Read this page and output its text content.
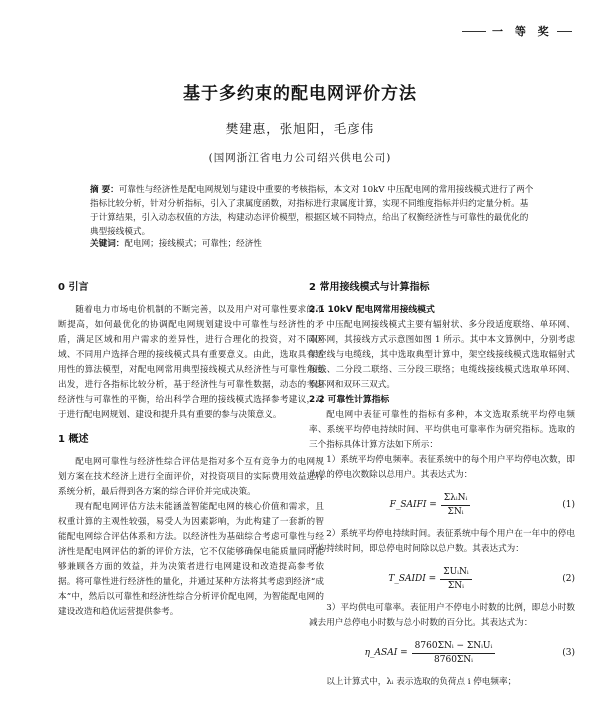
一 等 奖
基于多约束的配电网评价方法
樊建惠，张旭阳，毛彦伟
(国网浙江省电力公司绍兴供电公司)
摘 要：可靠性与经济性是配电网规划与建设中重要的考核指标，本文对 10kV 中压配电网的常用接线模式进行了两个指标比较分析，针对分析指标，引入了隶属度函数，对指标进行隶属度计算，实现不同维度指标并归约定量分析。基于计算结果，引入动态权值的方法，构建动态评价模型，根据区域不同特点，给出了权衡经济性与可靠性的最优化的典型接线模式。
关键词：配电网；接线模式；可靠性；经济性
0 引言

随着电力市场电价机制的不断完善，以及用户对可靠性要求的不断提高，如何最优化的协调配电网规划建设中可靠性与经济性的矛盾，满足区域和用户需求的差异性，进行合理化的投资，对不同区域、不同用户选择合理的接线模式具有重要意义。由此，选取具有适用性的算法模型，对配电网常用典型接线模式从经济性与可靠性角度出发，进行各指标比较分析，基于经济性与可靠性数据，动态的考虑经济性与可靠性的平衡，给出科学合理的接线模式选择参考建议，对于进行配电网规划、建设和提升具有重要的参与决策意义。

1 概述

配电网可靠性与经济性综合评估是指对多个互有竞争力的电网规划方案在技术经济上进行全面评价，对投资项目的实际费用效益进行系统分析，最后得到各方案的综合评价并完成决策。

现有配电网评估方法未能涵盖智能配电网的核心价值和需求，且权重计算的主观性较强，易受人为因素影响，为此构建了一套新的智能配电网综合评估体系和方法。以经济性为基础综合考虑可靠性与经济性是配电网评估的新的评价方法，它不仅能够确保电能质量同时能够兼顾各方面的效益，并为决策者进行电网建设和改造提高参考依据。将可靠性进行经济性的量化，并通过某种方法将其考虑到经济“成本”中，然后以可靠性和经济性综合分析评价配电网，为智能配电网的建设改造和趋优运营提供参考。

2 常用接线模式与计算指标
2.1 10kV 配电网常用接线模式

中压配电网接线模式主要有辐射状、多分段适度联络、单环网、双环网，其接线方式示意图如图 1 所示。其中本文算例中，分别考虑架空线与电缆线，其中选取典型计算中，架空线接线模式选取辐射式接线、二分段二联络、三分段三联络；电缆线接线模式选取单环网、双环网和双环三双式。

2.2 可靠性计算指标

配电网中表征可靠性的指标有多种，本文选取系统平均停电频率、系统平均停电持续时间、平均供电可靠率作为研究指标。选取的三个指标具体计算方法如下所示：

1）系统平均停电频率。表征系统中的每个用户平均停电次数，即为总的停电次数除以总用户。其表达式为：

F_SAIFI = $\frac{\text{ΣλᵢNᵢ}}{\text{ΣNᵢ}}$	(1)

2）系统平均停电持续时间。表征系统中每个用户在一年中的停电平均持续时间，即总停电时间除以总户数。其表达式为：

T_SAIDI = $\frac{\text{ΣUᵢNᵢ}}{\text{ΣNᵢ}}$	(2)

3）平均供电可靠率。表征用户不停电小时数的比例，即总小时数减去用户总停电小时数与总小时数的百分比。其表达式为：

η_ASAI = $\frac{\text{8760ΣNᵢ − ΣNᵢUᵢ}}{\text{8760ΣNᵢ}}$	(3)

以上计算式中，λᵢ 表示选取的负荷点 i 停电频率；
